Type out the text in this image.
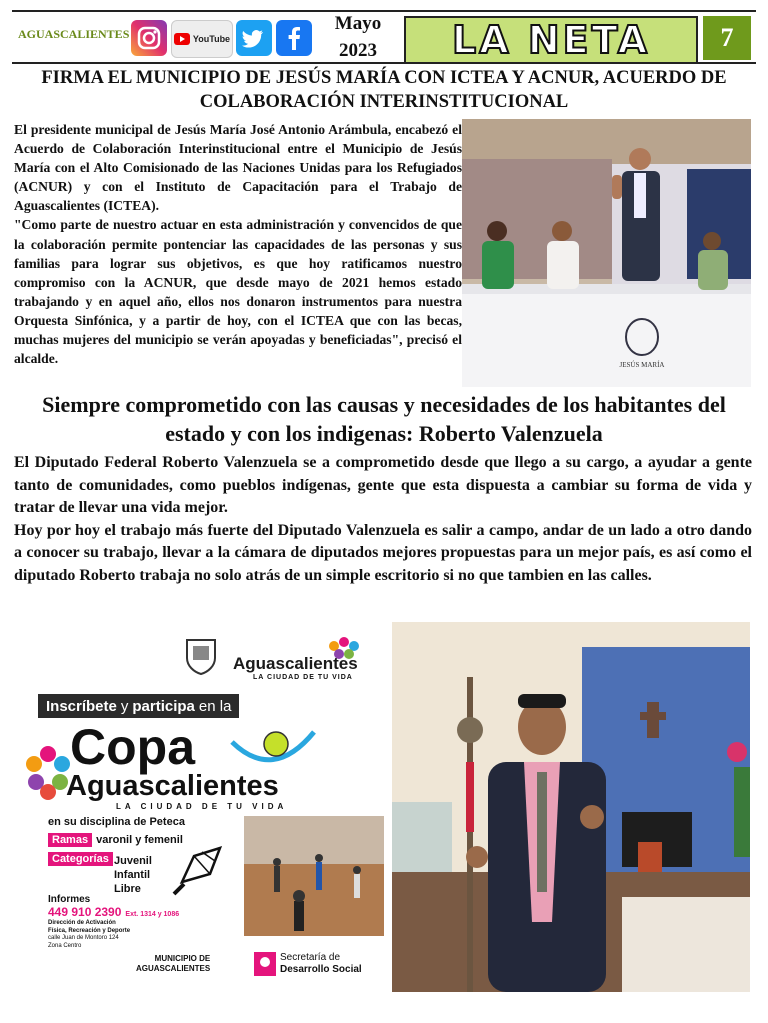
AGUASCALIENTES	YouTube
Mayo
2023 LA NETA	7
FIRMA EL MUNICIPIO DE JESÚS MARÍA CON ICTEA Y ACNUR, ACUERDO DE COLABORACIÓN INTERINSTITUCIONAL
El presidente municipal de Jesús María José Antonio Arámbula, encabezó el Acuerdo de Colaboración Interinstitucional entre el Municipio de Jesús María con el Alto Comisionado de las Naciones Unidas para los Refugiados (ACNUR) y con el Instituto de Capacitación para el Trabajo de Aguascalientes (ICTEA).
"Como parte de nuestro actuar en esta administración y convencidos de que la colaboración permite pontenciar las capacidades de las personas y sus familias para lograr sus objetivos, es que hoy ratificamos nuestro compromiso con la ACNUR, que desde mayo de 2021 hemos estado trabajando y en aquel año, ellos nos donaron instrumentos para nuestra Orquesta Sinfónica, y a partir de hoy, con el ICTEA que con las becas, muchas mujeres del municipio se verán apoyadas y beneficiadas", precisó el alcalde.	JESÚS MARÍA
Siempre comprometido con las causas y necesidades de los habitantes del estado y con los indigenas: Roberto Valenzuela
El Diputado Federal Roberto Valenzuela se a comprometido desde que llego a su cargo, a ayudar a gente tanto de comunidades, como pueblos indígenas, gente que esta dispuesta a cambiar su forma de vida y tratar de llevar una vida mejor.
Hoy por hoy el trabajo más fuerte del Diputado Valenzuela es salir a campo, andar de un lado a otro dando a conocer su trabajo, llevar a la cámara de diputados mejores propuestas para un mejor país, es así como el diputado Roberto trabaja no solo atrás de un simple escritorio si no que tambien en las calles.
Aguascalientes
LA CIUDAD DE TU VIDA
Inscríbete y participa en la
Copa
Aguascalientes
LA CIUDAD DE TU VIDA
en su disciplina de Peteca
Ramas varonil y femenil
Categorías Juvenil
Infantil
Libre
Informes
449 910 2390 Ext. 1314 y 1086
Dirección de Activación
Física, Recreación y Deporte
calle Juan de Montoro 124
Zona Centro
MUNICIPIO DE
AGUASCALIENTES
Secretaría de
Desarrollo Social
